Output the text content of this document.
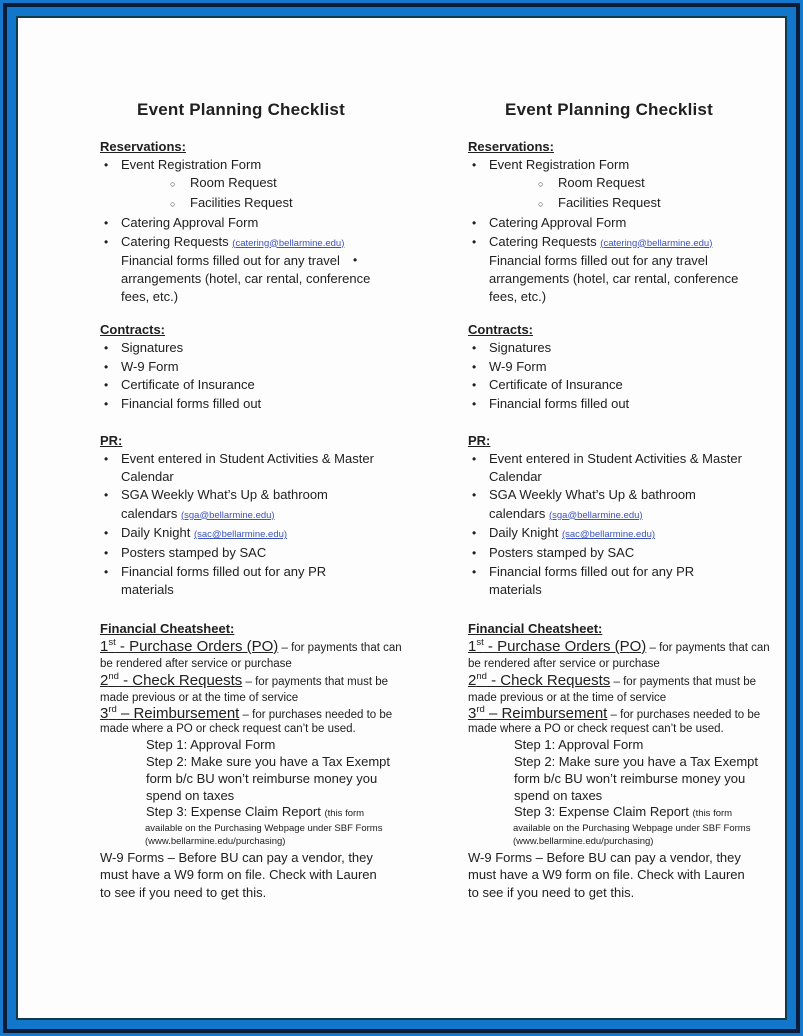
Event Planning Checklist
Reservations:
• Event Registration Form
○	Room Request
○	Facilities Request
• Catering Approval Form
• Catering Requests (catering@bellarmine.edu)
Financial forms filled out for any travel •
arrangements (hotel, car rental, conference
fees, etc.)
Contracts:
• Signatures
• W-9 Form
• Certificate of Insurance
• Financial forms filled out
PR:
• Event entered in Student Activities & Master
Calendar
• SGA Weekly What’s Up & bathroom
calendars (sga@bellarmine.edu)
• Daily Knight (sac@bellarmine.edu)
• Posters stamped by SAC
• Financial forms filled out for any PR
materials
Financial Cheatsheet:
1st - Purchase Orders (PO) – for payments that can
be rendered after service or purchase
2nd - Check Requests – for payments that must be
made previous or at the time of service
3rd – Reimbursement – for purchases needed to be
made where a PO or check request can’t be used.
Step 1: Approval Form
Step 2: Make sure you have a Tax Exempt
form b/c BU won’t reimburse money you
spend on taxes
Step 3: Expense Claim Report (this form
available on the Purchasing Webpage under SBF Forms
(www.bellarmine.edu/purchasing)
W-9 Forms – Before BU can pay a vendor, they
must have a W9 form on file. Check with Lauren
to see if you need to get this.
Event Planning Checklist
Reservations:
• Event Registration Form
○	Room Request
○	Facilities Request
• Catering Approval Form
• Catering Requests (catering@bellarmine.edu)
Financial forms filled out for any travel
arrangements (hotel, car rental, conference
fees, etc.)
Contracts:
• Signatures
• W-9 Form
• Certificate of Insurance
• Financial forms filled out
PR:
• Event entered in Student Activities & Master
Calendar
• SGA Weekly What’s Up & bathroom
calendars (sga@bellarmine.edu)
• Daily Knight (sac@bellarmine.edu)
• Posters stamped by SAC
• Financial forms filled out for any PR
materials
Financial Cheatsheet:
1st - Purchase Orders (PO) – for payments that can
be rendered after service or purchase
2nd - Check Requests – for payments that must be
made previous or at the time of service
3rd – Reimbursement – for purchases needed to be
made where a PO or check request can’t be used.
Step 1: Approval Form
Step 2: Make sure you have a Tax Exempt
form b/c BU won’t reimburse money you
spend on taxes
Step 3: Expense Claim Report (this form
available on the Purchasing Webpage under SBF Forms
(www.bellarmine.edu/purchasing)
W-9 Forms – Before BU can pay a vendor, they
must have a W9 form on file. Check with Lauren
to see if you need to get this.
